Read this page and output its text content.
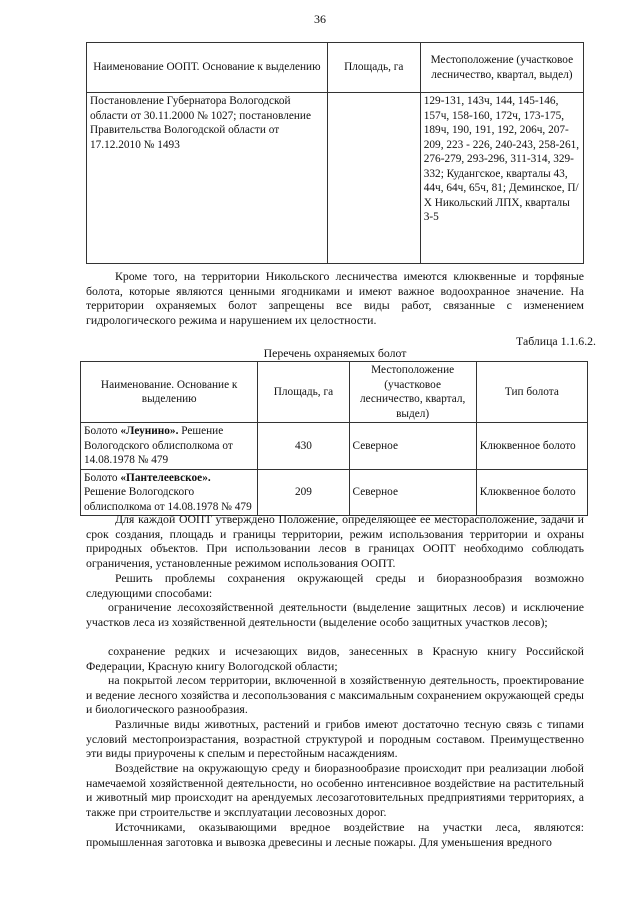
36
Наименование ООПТ. Основание к выделению	Площадь, га	Местоположение (участковое лесничество, квартал, выдел)
Постановление Губернатора Вологодской области от 30.11.2000 № 1027; постановление Правительства Вологодской области от 17.12.2010 № 1493		129-131, 143ч, 144, 145-146, 157ч, 158-160, 172ч, 173-175, 189ч, 190, 191, 192, 206ч, 207-209, 223 - 226, 240-243, 258-261, 276-279, 293-296, 311-314, 329-332; Кудангское, кварталы 43, 44ч, 64ч, 65ч, 81; Деминское, П/Х Никольский ЛПХ, кварталы 3-5

Кроме того, на территории Никольского лесничества имеются клюквенные и торфяные болота, которые являются ценными ягодниками и имеют важное водоохранное значение. На территории охраняемых болот запрещены все виды работ, связанные с изменением гидрологического режима и нарушением их целостности.

Таблица 1.1.6.2.
Перечень охраняемых болот
Наименование. Основание к выделению	Площадь, га	Местоположение (участковое лесничество, квартал, выдел)	Тип болота
Болото «Леунино». Решение Вологодского облисполкома от 14.08.1978 № 479	430	Северное	Клюквенное болото
Болото «Пантелеевское». Решение Вологодского облисполкома от 14.08.1978 № 479	209	Северное	Клюквенное болото

Для каждой ООПТ утверждено Положение, определяющее ее месторасположение, задачи и срок создания, площадь и границы территории, режим использования территории и охраны природных объектов. При использовании лесов в границах ООПТ необходимо соблюдать ограничения, установленные режимом использования ООПТ.

Решить проблемы сохранения окружающей среды и биоразнообразия возможно следующими способами:

ограничение лесохозяйственной деятельности (выделение защитных лесов) и исключение участков леса из хозяйственной деятельности (выделение особо защитных участков лесов);

сохранение редких и исчезающих видов, занесенных в Красную книгу Российской Федерации, Красную книгу Вологодской области;

на покрытой лесом территории, включенной в хозяйственную деятельность, проектирование и ведение лесного хозяйства и лесопользования с максимальным сохранением окружающей среды и биологического разнообразия.

Различные виды животных, растений и грибов имеют достаточно тесную связь с типами условий местопроизрастания, возрастной структурой и породным составом. Преимущественно эти виды приурочены к спелым и перестойным насаждениям.

Воздействие на окружающую среду и биоразнообразие происходит при реализации любой намечаемой хозяйственной деятельности, но особенно интенсивное воздействие на растительный и животный мир происходит на арендуемых лесозаготовительных предприятиями территориях, а также при строительстве и эксплуатации лесовозных дорог.

Источниками, оказывающими вредное воздействие на участки леса, являются: промышленная заготовка и вывозка древесины и лесные пожары. Для уменьшения вредного
